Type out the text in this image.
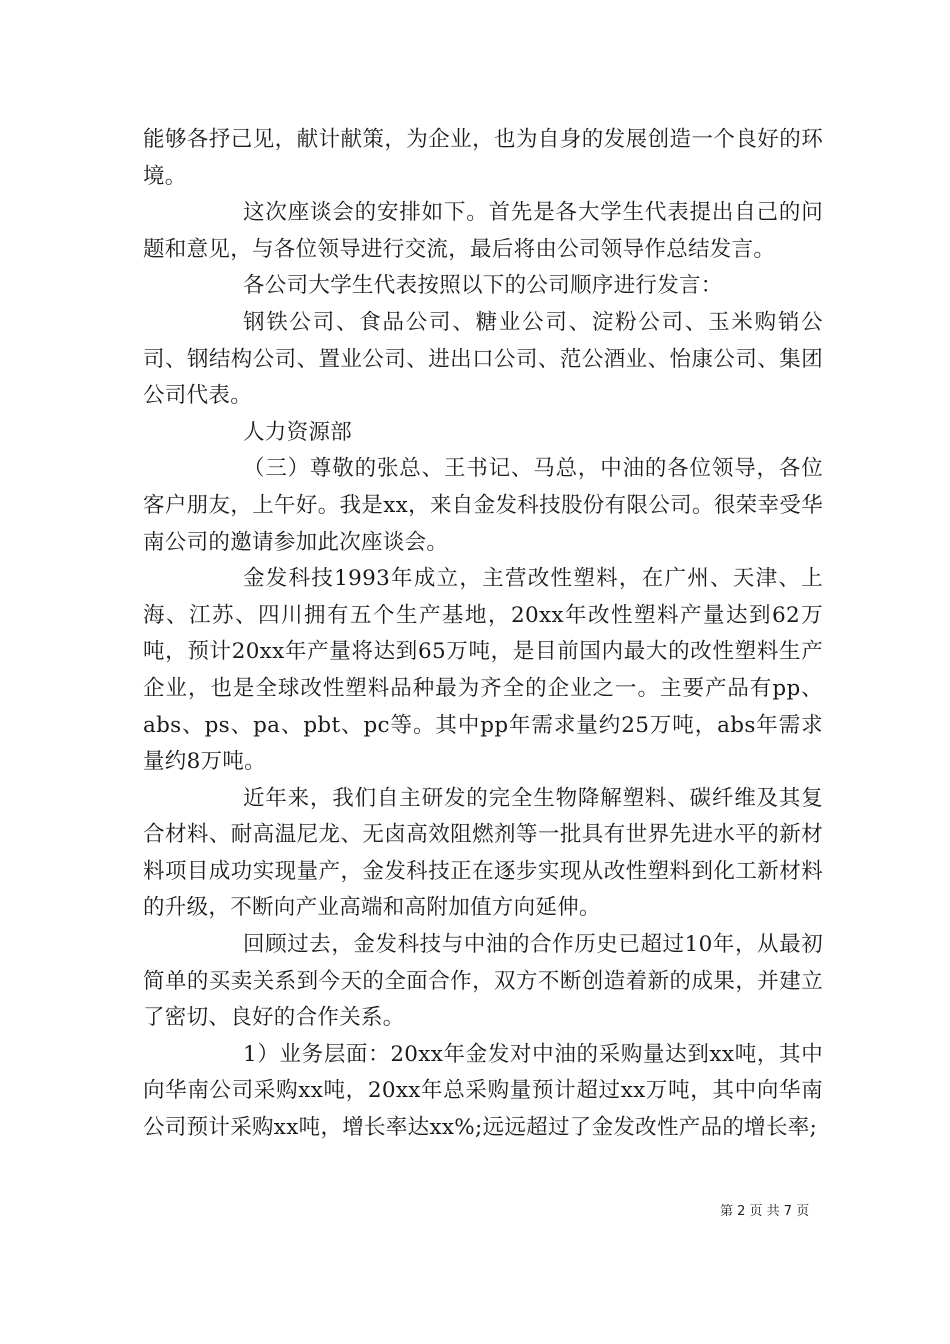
能够各抒己见，献计献策，为企业，也为自身的发展创造一个良好的环境。

这次座谈会的安排如下。首先是各大学生代表提出自己的问题和意见，与各位领导进行交流，最后将由公司领导作总结发言。

各公司大学生代表按照以下的公司顺序进行发言：

钢铁公司、食品公司、糖业公司、淀粉公司、玉米购销公司、钢结构公司、置业公司、进出口公司、范公酒业、怡康公司、集团公司代表。

人力资源部

（三）尊敬的张总、王书记、马总，中油的各位领导，各位客户朋友，上午好。我是xx，来自金发科技股份有限公司。很荣幸受华南公司的邀请参加此次座谈会。

金发科技1993年成立，主营改性塑料，在广州、天津、上海、江苏、四川拥有五个生产基地，20xx年改性塑料产量达到62万吨，预计20xx年产量将达到65万吨，是目前国内最大的改性塑料生产企业，也是全球改性塑料品种最为齐全的企业之一。主要产品有pp、abs、ps、pa、pbt、pc等。其中pp年需求量约25万吨，abs年需求量约8万吨。

近年来，我们自主研发的完全生物降解塑料、碳纤维及其复合材料、耐高温尼龙、无卤高效阻燃剂等一批具有世界先进水平的新材料项目成功实现量产，金发科技正在逐步实现从改性塑料到化工新材料的升级，不断向产业高端和高附加值方向延伸。

回顾过去，金发科技与中油的合作历史已超过10年，从最初简单的买卖关系到今天的全面合作，双方不断创造着新的成果，并建立了密切、良好的合作关系。

1）业务层面：20xx年金发对中油的采购量达到xx吨，其中向华南公司采购xx吨，20xx年总采购量预计超过xx万吨，其中向华南公司预计采购xx吨，增长率达xx%;远远超过了金发改性产品的增长率;

第 2 页 共 7 页
